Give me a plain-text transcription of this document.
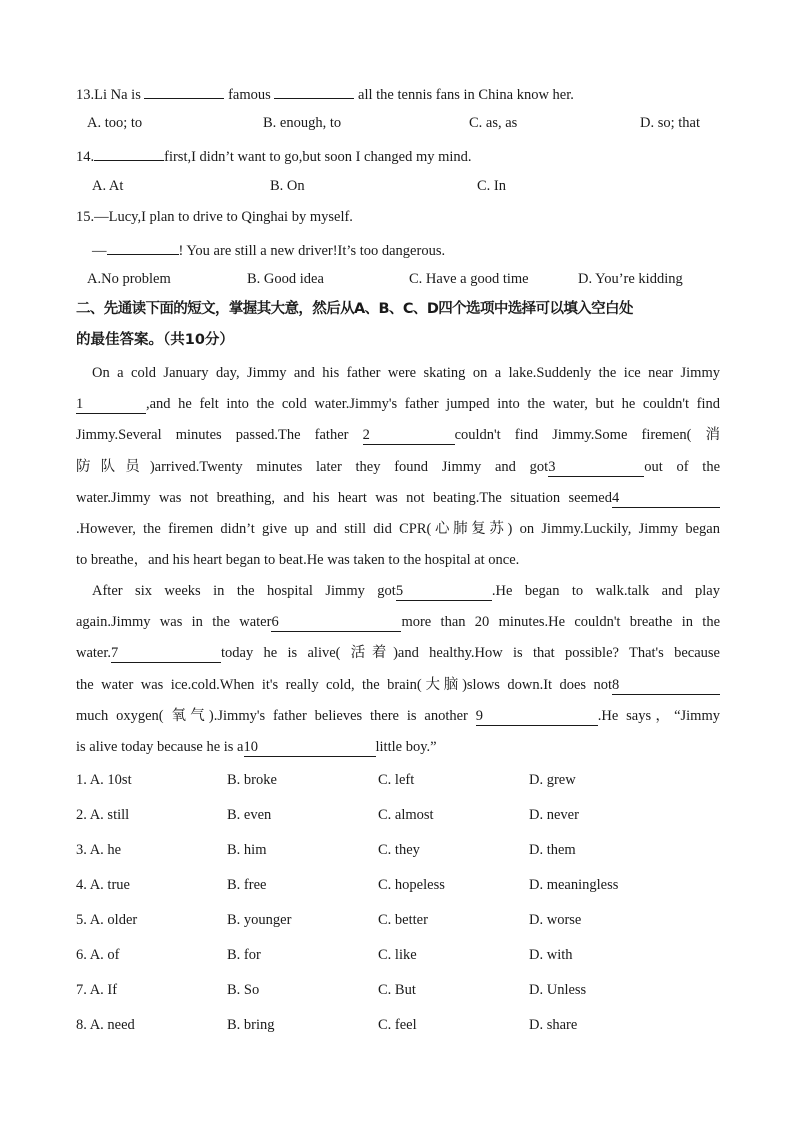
13.Li Na is	famous	all the tennis fans in China know her.
A. too; to	B. enough, to	C. as, as	D. so; that
14.	first,I didn’t want to go,but soon I changed my mind.
A. At	B. On	C. In
15.—Lucy,I plan to drive to Qinghai by myself.
—	! You are still a new driver!It’s too dangerous.
A.No problem	B. Good idea	C. Have a good time	D. You’re kidding
二、先通读下面的短文，掌握其大意，然后从A、B、C、D四个选项中选择可以填入空白处
的最佳答案。（共10分）
On a cold January day, Jimmy and his father were skating on a lake.Suddenly the ice near Jimmy
1	,and he felt into the cold water.Jimmy's father jumped into the water, but he couldn't find
Jimmy.Several minutes passed.The father 2	couldn't find Jimmy.Some firemen( 消
防队员)arrived.Twenty minutes later they found Jimmy and got3	out of the
water.Jimmy was not breathing, and his heart was not beating.The situation seemed4
.However, the firemen didn’t give up and still did CPR(心肺复苏) on Jimmy.Luckily, Jimmy began
to breathe，and his heart began to beat.He was taken to the hospital at once.
After six weeks in the hospital Jimmy got5	.He began to walk.talk and play
again.Jimmy was in the water6	more than 20 minutes.He couldn't breathe in the
water.7	today he is alive( 活着)and healthy.How is that possible? That's because
the water was ice.cold.When it's really cold, the brain(大脑)slows down.It does not8
much oxygen( 氧气).Jimmy's father believes there is another 9	.He says，“Jimmy
is alive today because he is a10	little boy.”
1. A. 10st	B. broke	C. left	D. grew
2. A. still	B. even	C. almost	D. never
3. A. he	B. him	C. they	D. them
4. A. true	B. free	C. hopeless	D. meaningless
5. A. older	B. younger	C. better	D. worse
6. A. of	B. for	C. like	D. with
7. A. If	B. So	C. But	D. Unless
8. A. need	B. bring	C. feel	D. share
